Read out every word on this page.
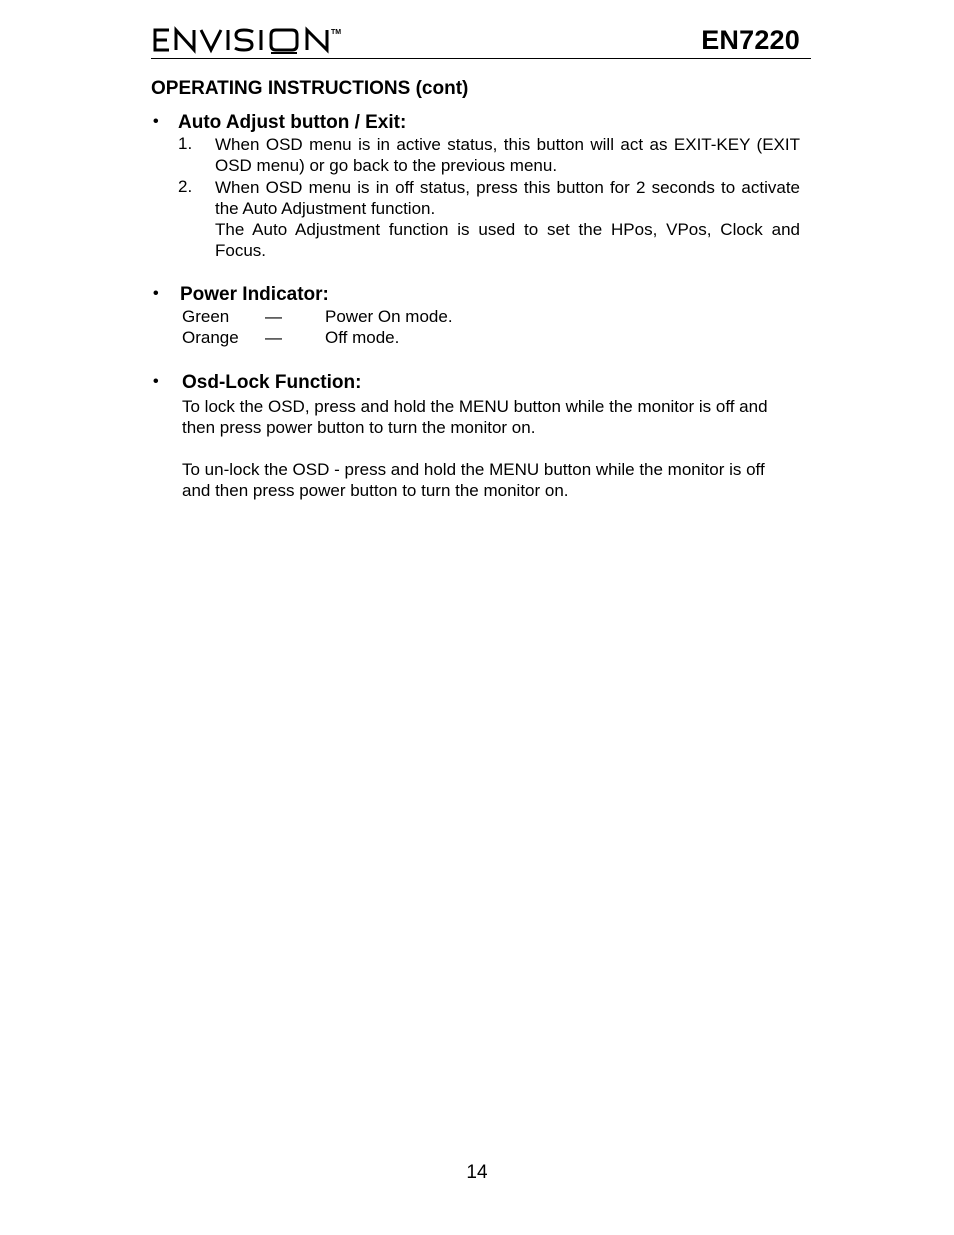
TM	EN7220
OPERATING INSTRUCTIONS (cont)
• Auto Adjust button / Exit:
1. When OSD menu is in active status, this button will act as EXIT-KEY (EXIT OSD menu) or go back to the previous menu.
2. When OSD menu is in off status, press this button for 2 seconds to activate the Auto Adjustment function.
The Auto Adjustment function is used to set the HPos, VPos, Clock and Focus.
• Power Indicator:
Green —	Power On mode.
Orange —	Off mode.
• Osd-Lock Function:
To lock the OSD, press and hold the MENU button while the monitor is off and then press power button to turn the monitor on.
To un-lock the OSD - press and hold the MENU button while the monitor is off and then press power button to turn the monitor on.
14
